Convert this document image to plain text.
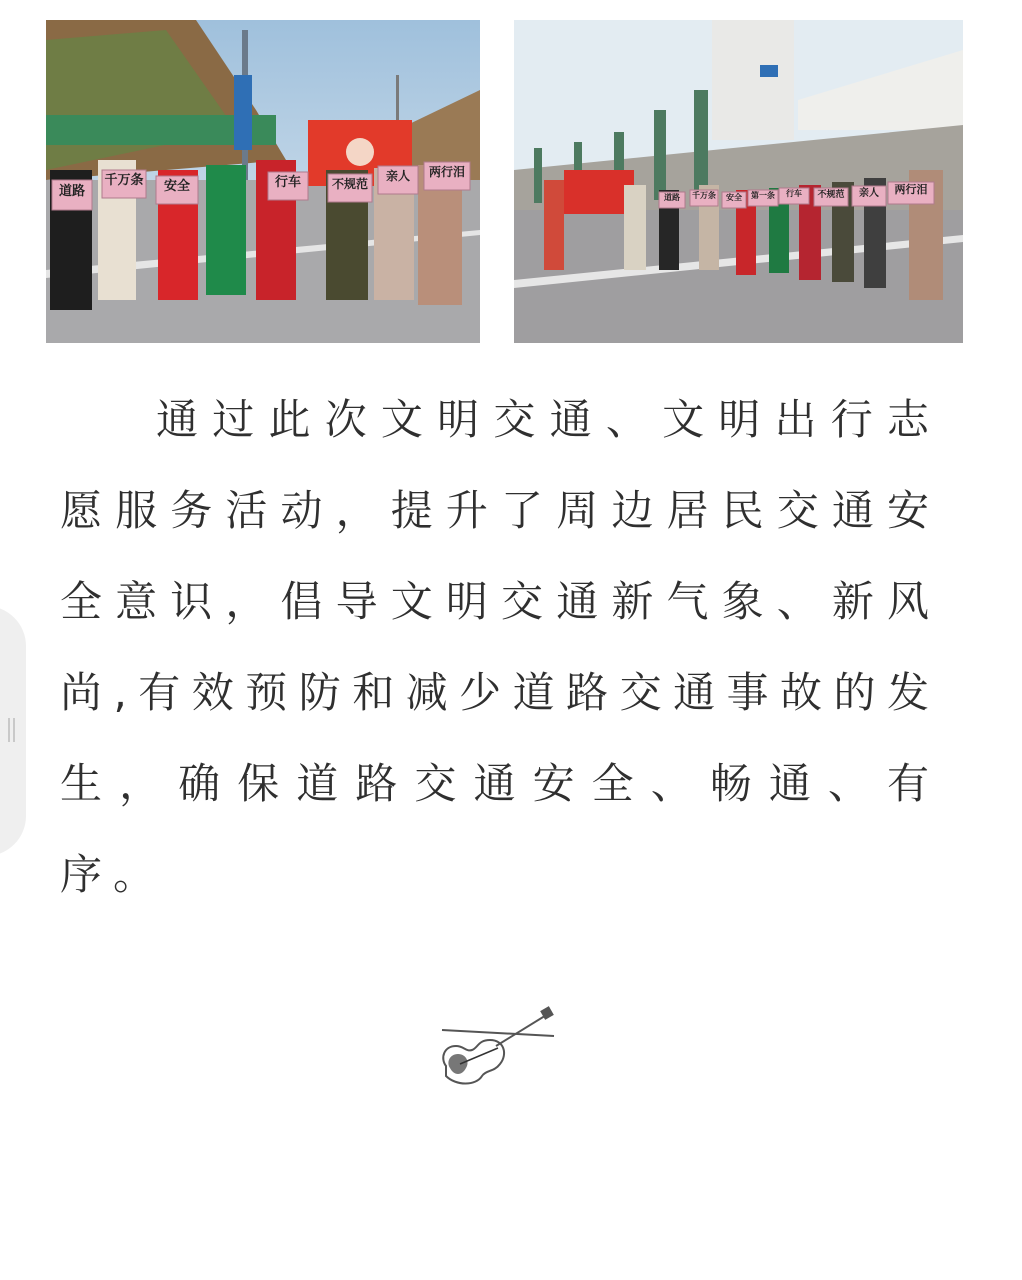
道路
千万条 安全	行车	不规范
亲人 两行泪
道路 千万条 安全 第一条 行车 不规范 亲人 两行泪

通过此次文明交通、文明出行志愿服务活动，提升了周边居民交通安全意识，倡导文明交通新气象、新风尚,有效预防和减少道路交通事故的发生，确保道路交通安全、畅通、有序。
